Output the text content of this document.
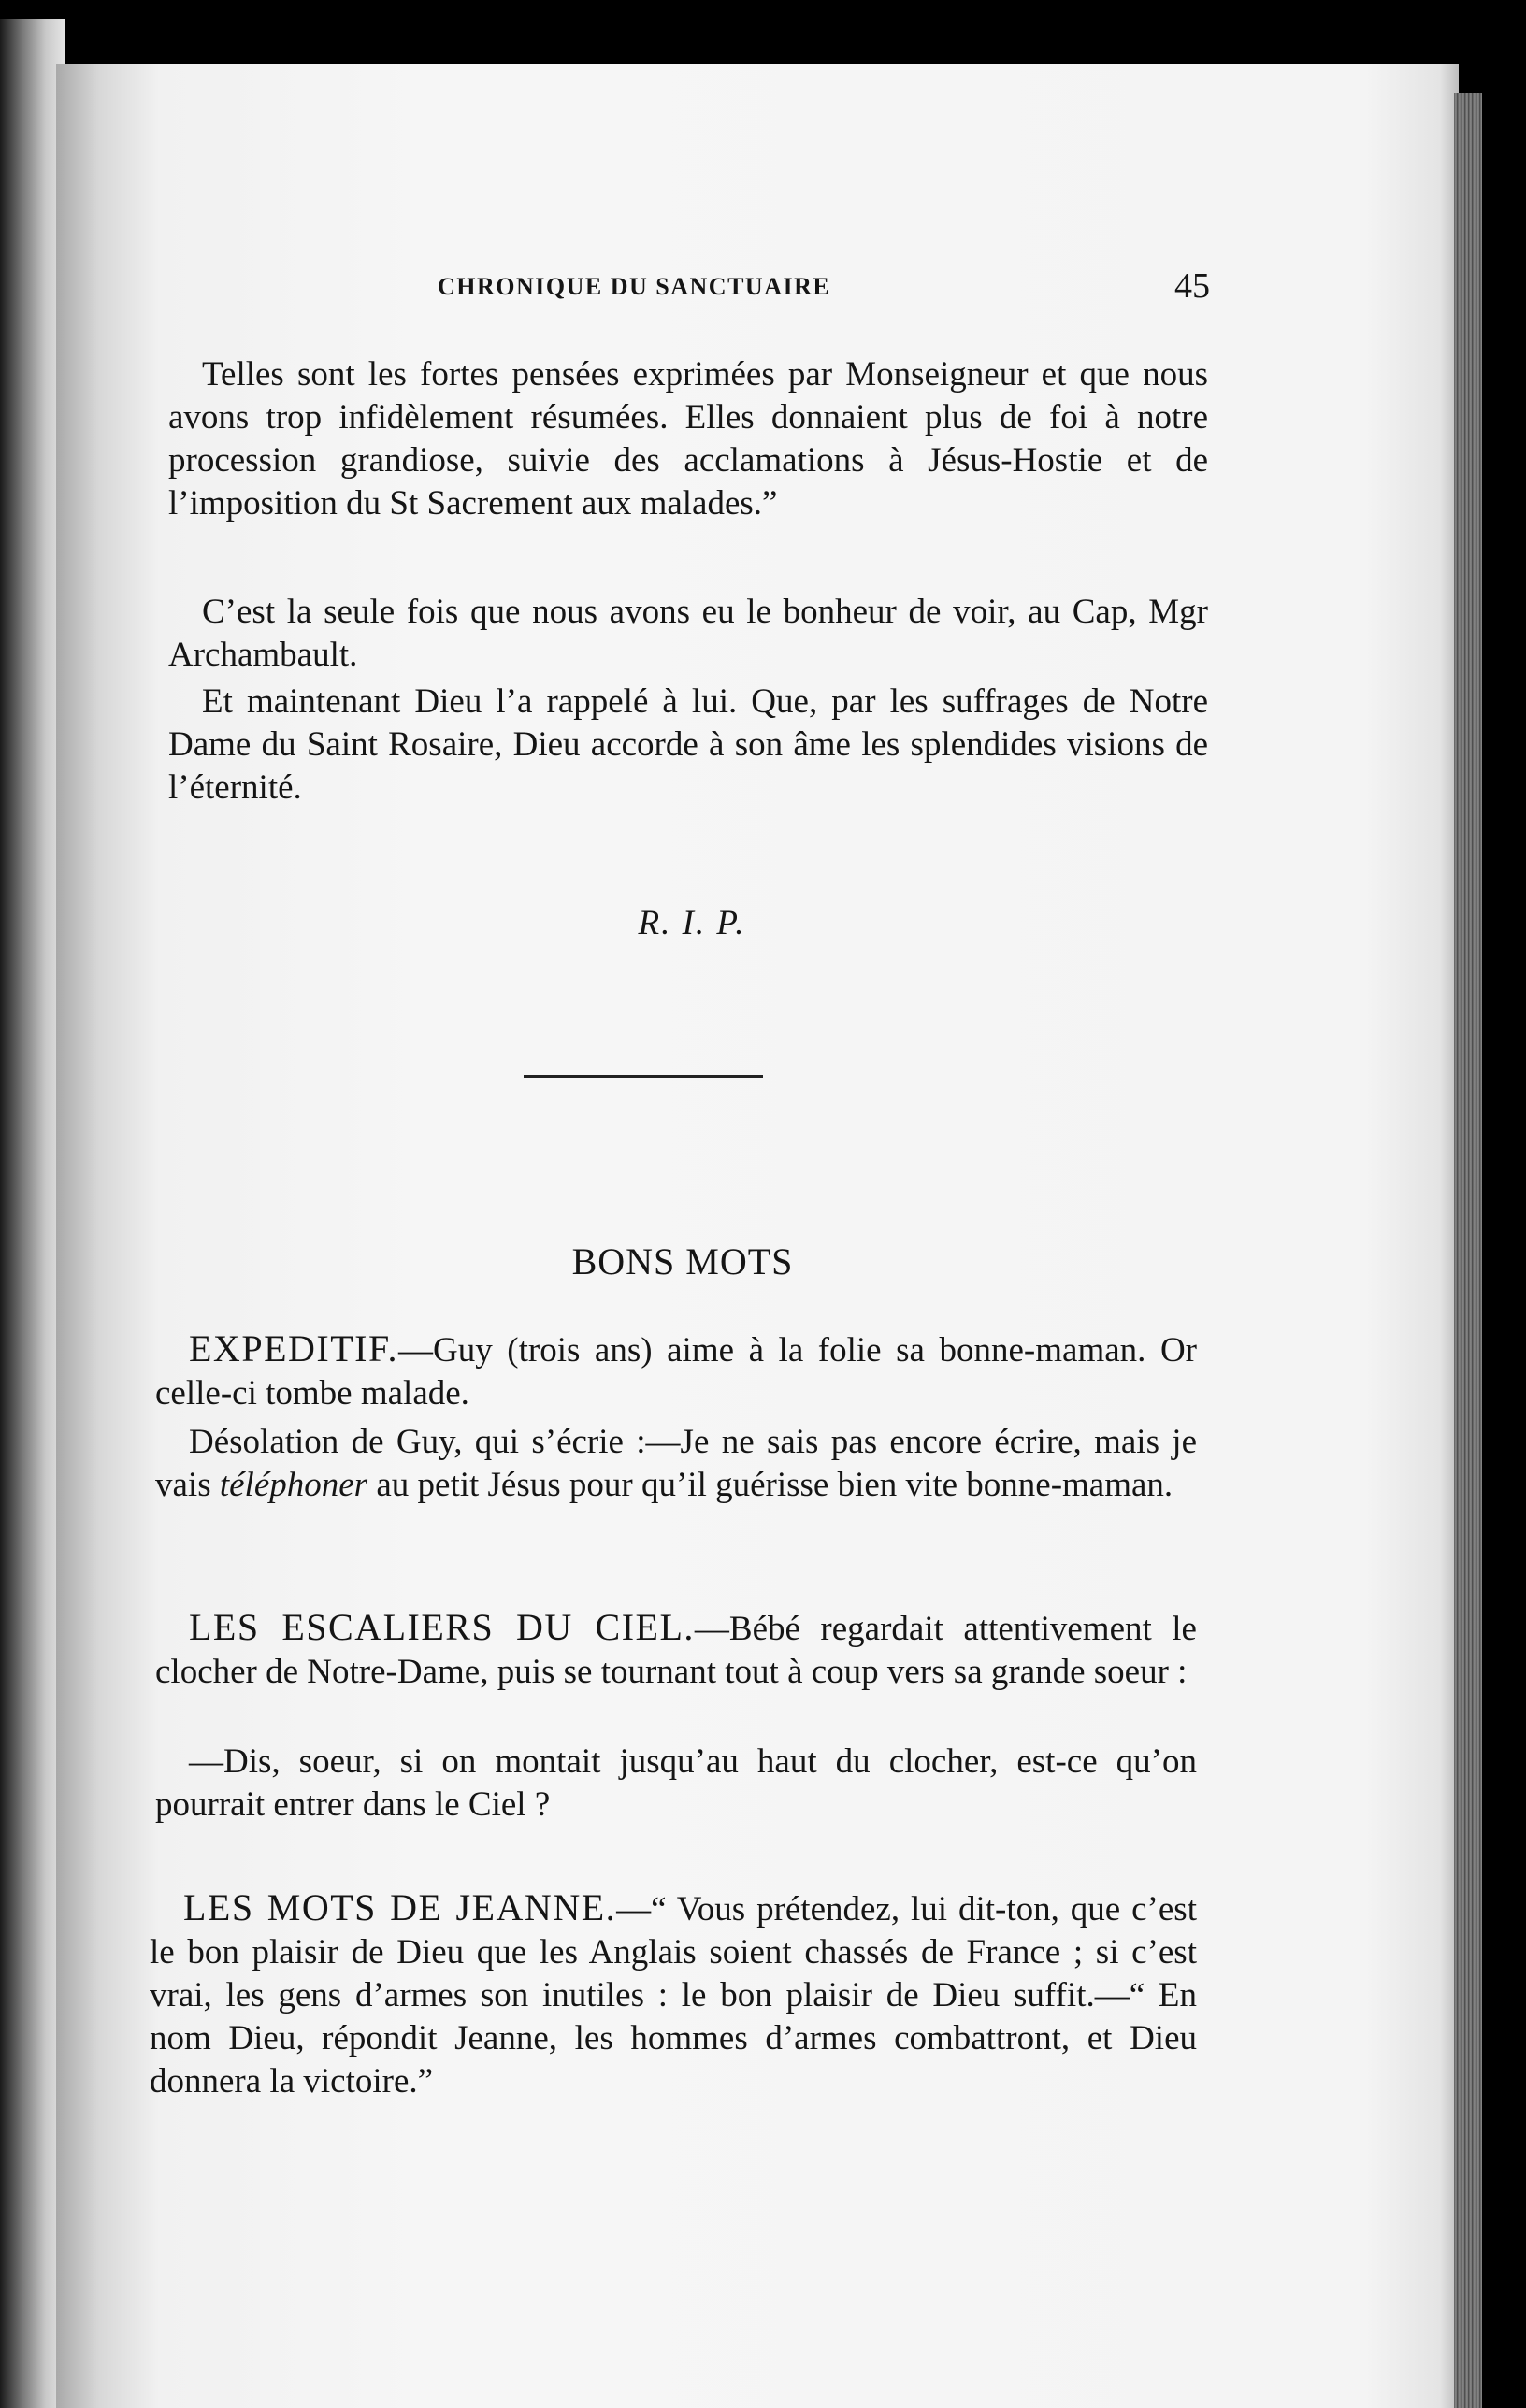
CHRONIQUE DU SANCTUAIRE	45

Telles sont les fortes pensées exprimées par Monseigneur et que nous avons trop infidèlement résumées. Elles donnaient plus de foi à notre procession grandiose, suivie des acclamations à Jésus-Hostie et de l’imposition du St Sacrement aux malades.”

C’est la seule fois que nous avons eu le bonheur de voir, au Cap, Mgr Archambault.

Et maintenant Dieu l’a rappelé à lui. Que, par les suffrages de Notre Dame du Saint Rosaire, Dieu accorde à son âme les splendides visions de l’éternité.

R. I. P.
BONS MOTS

EXPEDITIF.—Guy (trois ans) aime à la folie sa bonne-maman. Or celle-ci tombe malade.

Désolation de Guy, qui s’écrie :—Je ne sais pas encore écrire, mais je vais téléphoner au petit Jésus pour qu’il guérisse bien vite bonne-maman.

LES ESCALIERS DU CIEL.—Bébé regardait attentivement le clocher de Notre-Dame, puis se tournant tout à coup vers sa grande soeur :

—Dis, soeur, si on montait jusqu’au haut du clocher, est-ce qu’on pourrait entrer dans le Ciel ?

LES MOTS DE JEANNE.—“ Vous prétendez, lui dit-ton, que c’est le bon plaisir de Dieu que les Anglais soient chassés de France ; si c’est vrai, les gens d’armes son inutiles : le bon plaisir de Dieu suffit.—“ En nom Dieu, répondit Jeanne, les hommes d’armes combattront, et Dieu donnera la victoire.”
